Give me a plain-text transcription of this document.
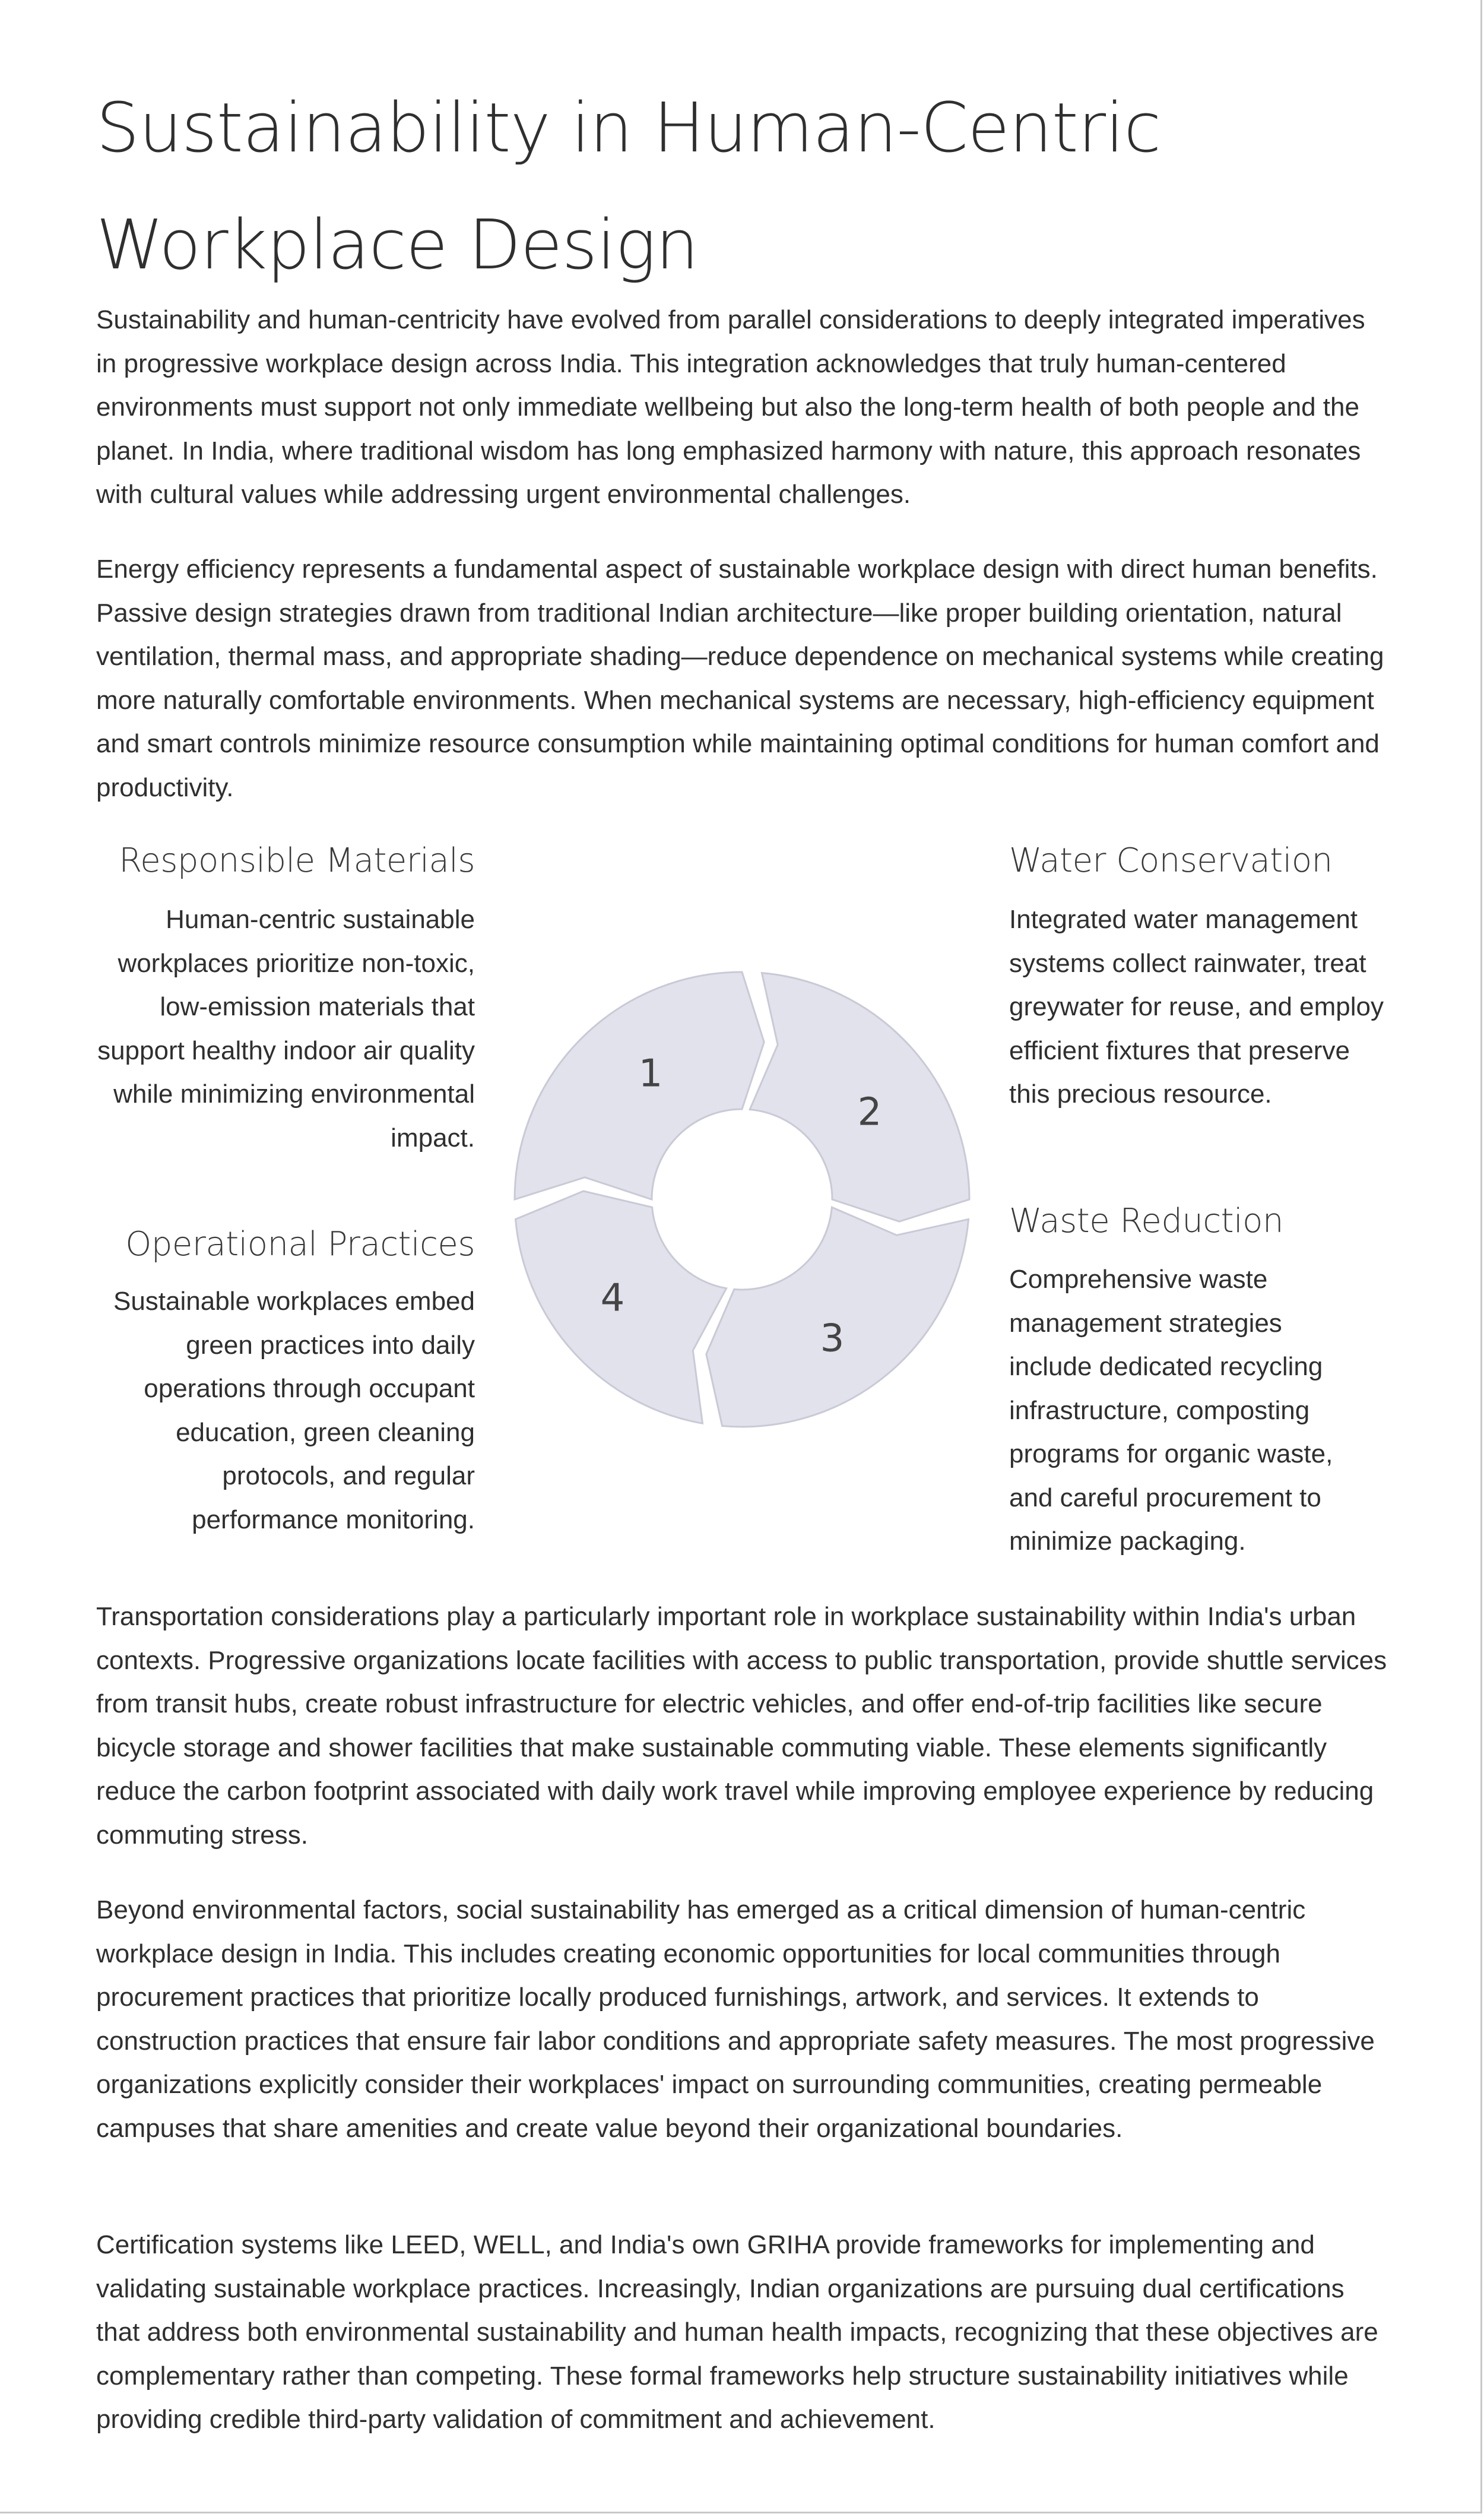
Sustainability in Human-Centric Workplace Design

Sustainability and human-centricity have evolved from parallel considerations to deeply integrated imperatives in progressive workplace design across India. This integration acknowledges that truly human-centered environments must support not only immediate wellbeing but also the long-term health of both people and the planet. In India, where traditional wisdom has long emphasized harmony with nature, this approach resonates with cultural values while addressing urgent environmental challenges.

Energy efficiency represents a fundamental aspect of sustainable workplace design with direct human benefits. Passive design strategies drawn from traditional Indian architecture—like proper building orientation, natural ventilation, thermal mass, and appropriate shading—reduce dependence on mechanical systems while creating more naturally comfortable environments. When mechanical systems are necessary, high-efficiency equipment and smart controls minimize resource consumption while maintaining optimal conditions for human comfort and productivity.

Responsible Materials

Human-centric sustainable workplaces prioritize non-toxic, low-emission materials that support healthy indoor air quality while minimizing environmental impact.

Operational Practices

Sustainable workplaces embed green practices into daily operations through occupant education, green cleaning protocols, and regular performance monitoring.

Water Conservation

Integrated water management systems collect rainwater, treat greywater for reuse, and employ efficient fixtures that preserve this precious resource.

Waste Reduction

Comprehensive waste management strategies include dedicated recycling infrastructure, composting programs for organic waste, and careful procurement to minimize packaging.

1
2
3
4

Transportation considerations play a particularly important role in workplace sustainability within India's urban contexts. Progressive organizations locate facilities with access to public transportation, provide shuttle services from transit hubs, create robust infrastructure for electric vehicles, and offer end-of-trip facilities like secure bicycle storage and shower facilities that make sustainable commuting viable. These elements significantly reduce the carbon footprint associated with daily work travel while improving employee experience by reducing commuting stress.

Beyond environmental factors, social sustainability has emerged as a critical dimension of human-centric workplace design in India. This includes creating economic opportunities for local communities through procurement practices that prioritize locally produced furnishings, artwork, and services. It extends to construction practices that ensure fair labor conditions and appropriate safety measures. The most progressive organizations explicitly consider their workplaces' impact on surrounding communities, creating permeable campuses that share amenities and create value beyond their organizational boundaries.

Certification systems like LEED, WELL, and India's own GRIHA provide frameworks for implementing and validating sustainable workplace practices. Increasingly, Indian organizations are pursuing dual certifications that address both environmental sustainability and human health impacts, recognizing that these objectives are complementary rather than competing. These formal frameworks help structure sustainability initiatives while providing credible third-party validation of commitment and achievement.
